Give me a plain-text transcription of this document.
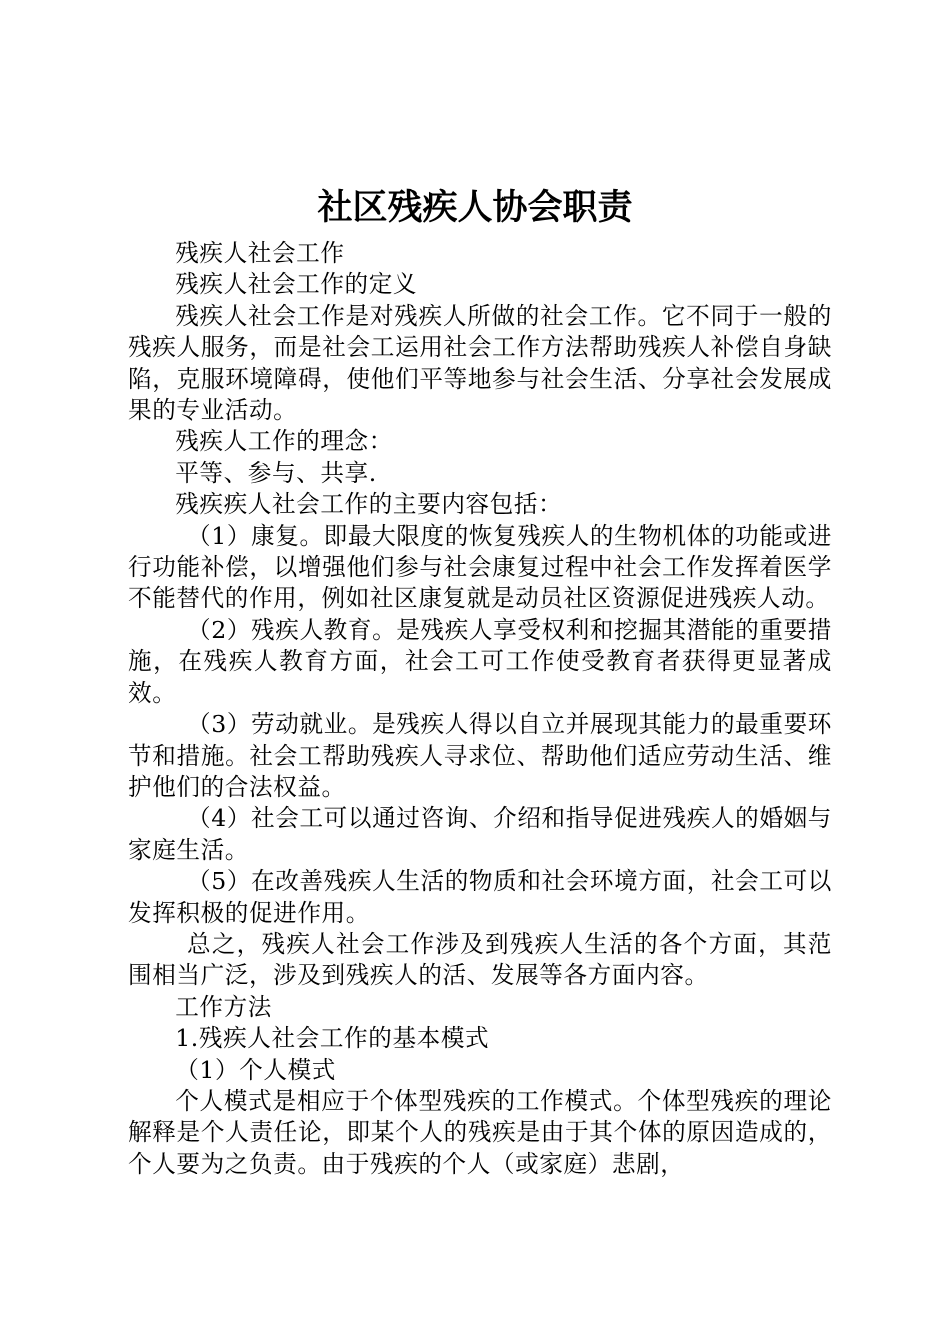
社区残疾人协会职责

残疾人社会工作

残疾人社会工作的定义

残疾人社会工作是对残疾人所做的社会工作。它不同于一般的残疾人服务，而是社会工运用社会工作方法帮助残疾人补偿自身缺陷，克服环境障碍，使他们平等地参与社会生活、分享社会发展成果的专业活动。

残疾人工作的理念：

平等、参与、共享.

残疾疾人社会工作的主要内容包括：

（1）康复。即最大限度的恢复残疾人的生物机体的功能或进行功能补偿，以增强他们参与社会康复过程中社会工作发挥着医学不能替代的作用，例如社区康复就是动员社区资源促进残疾人动。

（2）残疾人教育。是残疾人享受权利和挖掘其潜能的重要措施，在残疾人教育方面，社会工可工作使受教育者获得更显著成效。

（3）劳动就业。是残疾人得以自立并展现其能力的最重要环节和措施。社会工帮助残疾人寻求位、帮助他们适应劳动生活、维护他们的合法权益。

（4）社会工可以通过咨询、介绍和指导促进残疾人的婚姻与家庭生活。

（5）在改善残疾人生活的物质和社会环境方面，社会工可以发挥积极的促进作用。

总之，残疾人社会工作涉及到残疾人生活的各个方面，其范围相当广泛，涉及到残疾人的活、发展等各方面内容。

工作方法

1.残疾人社会工作的基本模式

（1）个人模式

个人模式是相应于个体型残疾的工作模式。个体型残疾的理论解释是个人责任论，即某个人的残疾是由于其个体的原因造成的，个人要为之负责。由于残疾的个人（或家庭）悲剧，
